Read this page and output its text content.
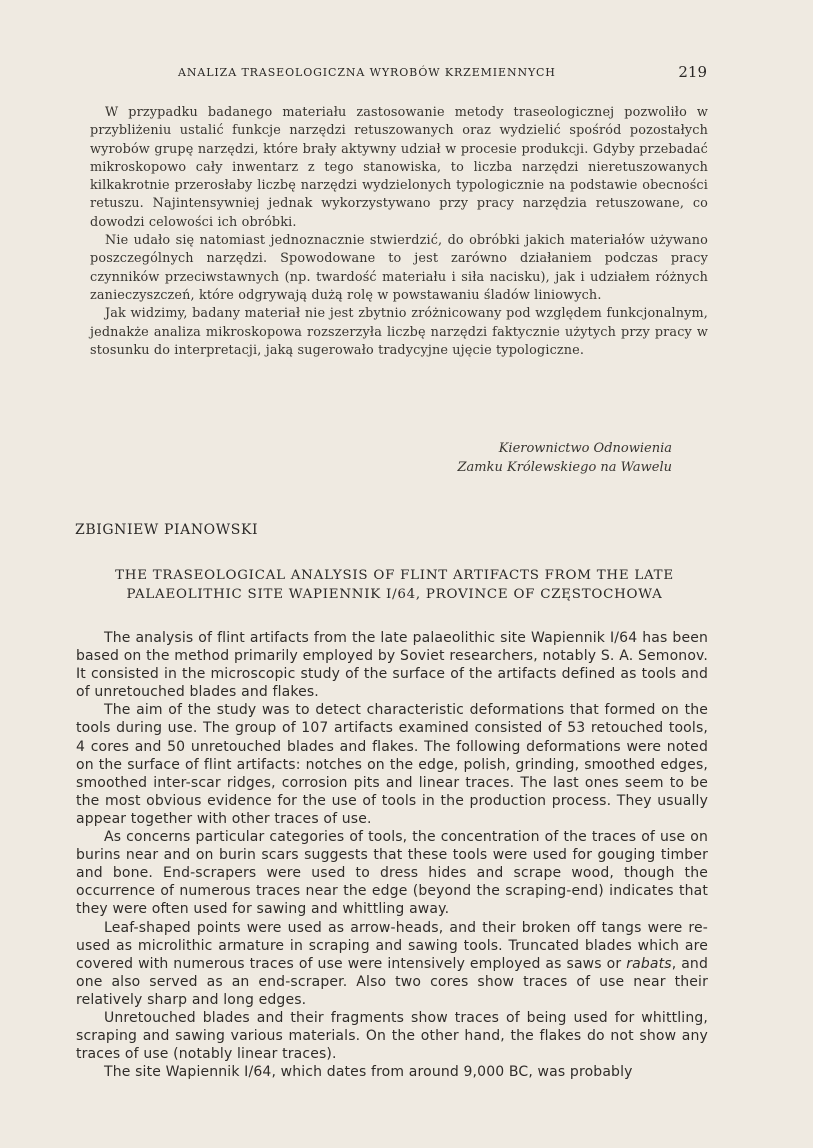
ANALIZA TRASEOLOGICZNA WYROBÓW KRZEMIENNYCH	219

W przypadku badanego materiału zastosowanie metody traseologicznej pozwoliło w przybliżeniu ustalić funkcje narzędzi retuszowanych oraz wydzielić spośród pozostałych wyrobów grupę narzędzi, które brały aktywny udział w procesie produkcji. Gdyby przebadać mikroskopowo cały inwentarz z tego stanowiska, to liczba narzędzi nieretuszowanych kilkakrotnie przerosłaby liczbę narzędzi wydzielonych typologicznie na podstawie obecności retuszu. Najintensywniej jednak wykorzystywano przy pracy narzędzia retuszowane, co dowodzi celowości ich obróbki.

Nie udało się natomiast jednoznacznie stwierdzić, do obróbki jakich materiałów używano poszczególnych narzędzi. Spowodowane to jest zarówno działaniem podczas pracy czynników przeciwstawnych (np. twardość materiału i siła nacisku), jak i udziałem różnych zanieczyszczeń, które odgrywają dużą rolę w powstawaniu śladów liniowych.

Jak widzimy, badany materiał nie jest zbytnio zróżnicowany pod względem funkcjonalnym, jednakże analiza mikroskopowa rozszerzyła liczbę narzędzi faktycznie użytych przy pracy w stosunku do interpretacji, jaką sugerowało tradycyjne ujęcie typologiczne.

Kierownictwo Odnowienia
Zamku Królewskiego na Wawelu
ZBIGNIEW PIANOWSKI
THE TRASEOLOGICAL ANALYSIS OF FLINT ARTIFACTS FROM THE LATE PALAEOLITHIC SITE WAPIENNIK I/64, PROVINCE OF CZĘSTOCHOWA

The analysis of flint artifacts from the late palaeolithic site Wapiennik I/64 has been based on the method primarily employed by Soviet researchers, notably S. A. Semonov. It consisted in the microscopic study of the surface of the artifacts defined as tools and of unretouched blades and flakes.

The aim of the study was to detect characteristic deformations that formed on the tools during use. The group of 107 artifacts examined consisted of 53 retouched tools, 4 cores and 50 unretouched blades and flakes. The following deformations were noted on the surface of flint artifacts: notches on the edge, polish, grinding, smoothed edges, smoothed inter-scar ridges, corrosion pits and linear traces. The last ones seem to be the most obvious evidence for the use of tools in the production process. They usually appear together with other traces of use.

As concerns particular categories of tools, the concentration of the traces of use on burins near and on burin scars suggests that these tools were used for gouging timber and bone. End-scrapers were used to dress hides and scrape wood, though the occurrence of numerous traces near the edge (beyond the scraping-end) indicates that they were often used for sawing and whittling away.

Leaf-shaped points were used as arrow-heads, and their broken off tangs were re-used as microlithic armature in scraping and sawing tools. Truncated blades which are covered with numerous traces of use were intensively employed as saws or rabats, and one also served as an end-scraper. Also two cores show traces of use near their relatively sharp and long edges.

Unretouched blades and their fragments show traces of being used for whittling, scraping and sawing various materials. On the other hand, the flakes do not show any traces of use (notably linear traces).

The site Wapiennik I/64, which dates from around 9,000 BC, was probably
